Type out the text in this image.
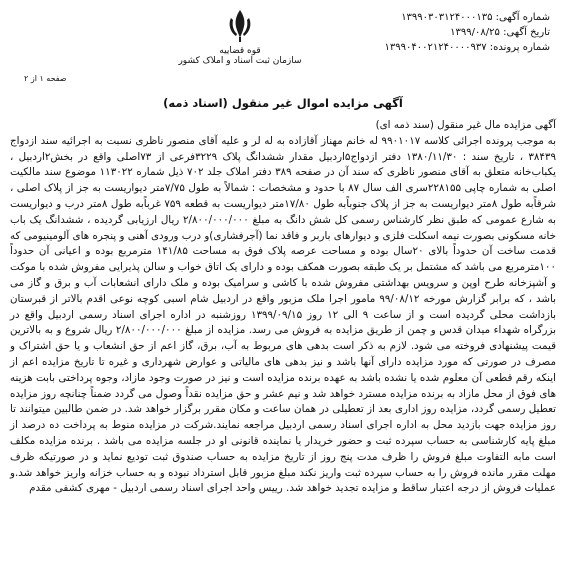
شماره آگهی: ۱۳۹۹۰۳۰۳۱۲۴۰۰۰۱۳۵
تاریخ آگهی: ۱۳۹۹/۰۸/۲۵
شماره پرونده: ۱۳۹۹۰۴۰۰۲۱۲۴۰۰۰۰۹۳۷
قوه قضاییه
سازمان ثبت اسناد و املاک کشور
صفحه ۱ از ۲
آگهی مزایده اموال غیر منقول (اسناد ذمه)

آگهی مزایده مال غیر منقول (سند ذمه ای)
به موجب پرونده اجرائی کلاسه ۹۹۰۱۰۱۷ له خانم مهناز آقازاده به له لر و علیه آقای منصور ناظری نسبت به اجرائیه سند ازدواج ۳۸۴۳۹ ، تاریخ سند : ۱۳۸۰/۱۱/۳۰ دفتر ازدواج۵اردبیل مقدار ششدانگ پلاک ۳۲۲۹فرعی از ۷۳اصلی واقع در بخش۲اردبیل ، یکباب‌خانه متعلق به آقای منصور ناظری که سند آن در صفحه ۳۸۹ دفتر املاک جلد ۷۰۲ ذیل شماره ۱۱۳۰۲۲ موضوع سند مالکیت اصلی به شماره چاپی ۲۲۸۱۵۵سری الف سال ۸۷ با حدود و مشخصات : شمالاً به طول ۷/۷۵متر دیواریست به جز از پلاک اصلی ، شرقاًبه طول ۸متر دیواریست به جز از پلاک جنوباًبه طول ۱۷/۸۰متر دیواریست به قطعه ۷۵۹ غرباًبه طول ۸متر درب و دیواریست به شارع عمومی که طبق نظر کارشناس رسمی کل شش دانگ به مبلغ ۲/۸۰۰/۰۰۰/۰۰۰ ریال ارزیابی گردیده ، ششدانگ یک باب خانه مسکونی بصورت نیمه اسکلت فلزی و دیوارهای باربر و فاقد نما (آجرفشاری)و درب ورودی آهنی و پنجره های آلومینیومی که قدمت ساخت آن حدوداً بالای ۲۰سال بوده و مساحت عرصه پلاک فوق به مساحت ۱۴۱/۸۵ مترمربع بوده و اعیانی آن حدوداً ۱۰۰مترمربع می باشد که مشتمل بر یک طبقه بصورت همکف بوده و دارای یک اتاق خواب و سالن پذیرایی مفروش شده با موکت و آشپزخانه طرح اوپن و سرویس بهداشتی مفروش شده با کاشی و سرامیک بوده و ملک دارای انشعابات آب و برق و گاز می باشد ، که برابر گزارش مورخه ۹۹/۰۸/۱۲ مامور اجرا ملک مزبور واقع در اردبیل شام اسبی کوچه نوعی اقدم بالاتر از قبرستان بازداشت محلی گردیده است و از ساعت ۹ الی ۱۲ روز ۱۳۹۹/۰۹/۱۵ روزشنبه در اداره اجرای اسناد رسمی اردبیل واقع در بزرگراه شهداء میدان قدس و چمن از طریق مزایده به فروش می رسد. مزایده از مبلغ ۲/۸۰۰/۰۰۰/۰۰۰ ریال شروع و به بالاترین قیمت پیشنهادی فروخته می شود. لازم به ذکر است بدهی های مربوط به آب، برق، گاز اعم از حق انشعاب و یا حق اشتراک و مصرف در صورتی که مورد مزایده دارای آنها باشد و نیز بدهی های مالیاتی و عوارض شهرداری و غیره تا تاریخ مزایده اعم از اینکه رقم قطعی آن معلوم شده یا نشده باشد به عهده برنده مزایده است و نیز در صورت وجود مازاد، وجوه پرداختی بابت هزینه های فوق از محل مازاد به برنده مزایده مسترد خواهد شد و نیم عشر و حق مزایده نقداً وصول می گردد ضمناً چنانچه روز مزایده تعطیل رسمی گردد، مزایده روز اداری بعد از تعطیلی در همان ساعت و مکان مقرر برگزار خواهد شد. در ضمن طالبین میتوانند تا روز مزایده جهت بازدید محل به اداره اجرای اسناد رسمی اردبیل مراجعه نمایند.شرکت در مزایده منوط به پرداخت ده درصد از مبلغ پایه کارشناسی به حساب سپرده ثبت و حضور خریدار یا نماینده قانونی او در جلسه مزایده می باشد . برنده مزایده مکلف است مابه التفاوت مبلغ فروش را ظرف مدت پنج روز از تاریخ مزایده به حساب صندوق ثبت تودیع نماید و در صورتیکه ظرف مهلت مقرر مانده فروش را به حساب سپرده ثبت واریز نکند مبلغ مزبور قابل استرداد نبوده و به حساب خزانه واریز خواهد شد.و عملیات فروش از درجه اعتبار ساقط و مزایده تجدید خواهد شد. رییس واحد اجرای اسناد رسمی اردبیل - مهری کشفی مقدم
